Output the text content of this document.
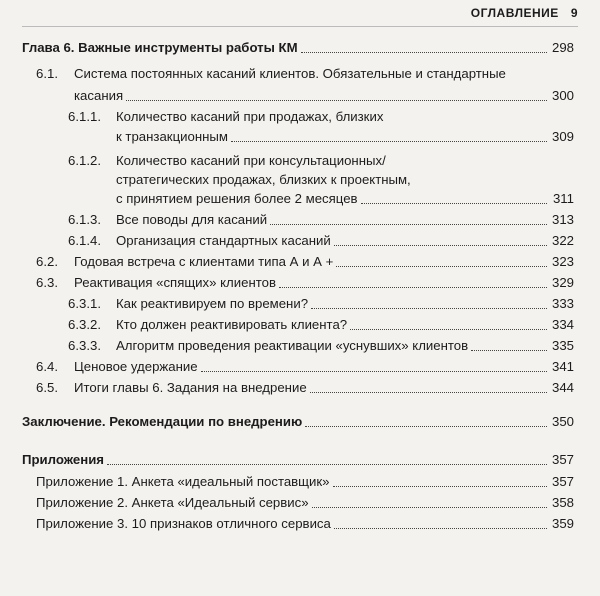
ОГЛАВЛЕНИЕ 9
Глава 6. Важные инструменты работы КМ	298
6.1. Система постоянных касаний клиентов. Обязательные и стандартные
касания	300
6.1.1. Количество касаний при продажах, близких
к транзакционным	309
6.1.2. Количество касаний при консультационных/
стратегических продажах, близких к проектным,
с принятием решения более 2 месяцев	311
6.1.3. Все поводы для касаний	313
6.1.4. Организация стандартных касаний	322
6.2. Годовая встреча с клиентами типа А и А +	323
6.3. Реактивация «спящих» клиентов	329
6.3.1. Как реактивируем по времени?	333
6.3.2. Кто должен реактивировать клиента?	334
6.3.3. Алгоритм проведения реактивации «уснувших» клиентов	335
6.4. Ценовое удержание	341
6.5. Итоги главы 6. Задания на внедрение	344
Заключение. Рекомендации по внедрению	350
Приложения	357
Приложение 1. Анкета «идеальный поставщик»	357
Приложение 2. Анкета «Идеальный сервис»	358
Приложение 3. 10 признаков отличного сервиса	359
